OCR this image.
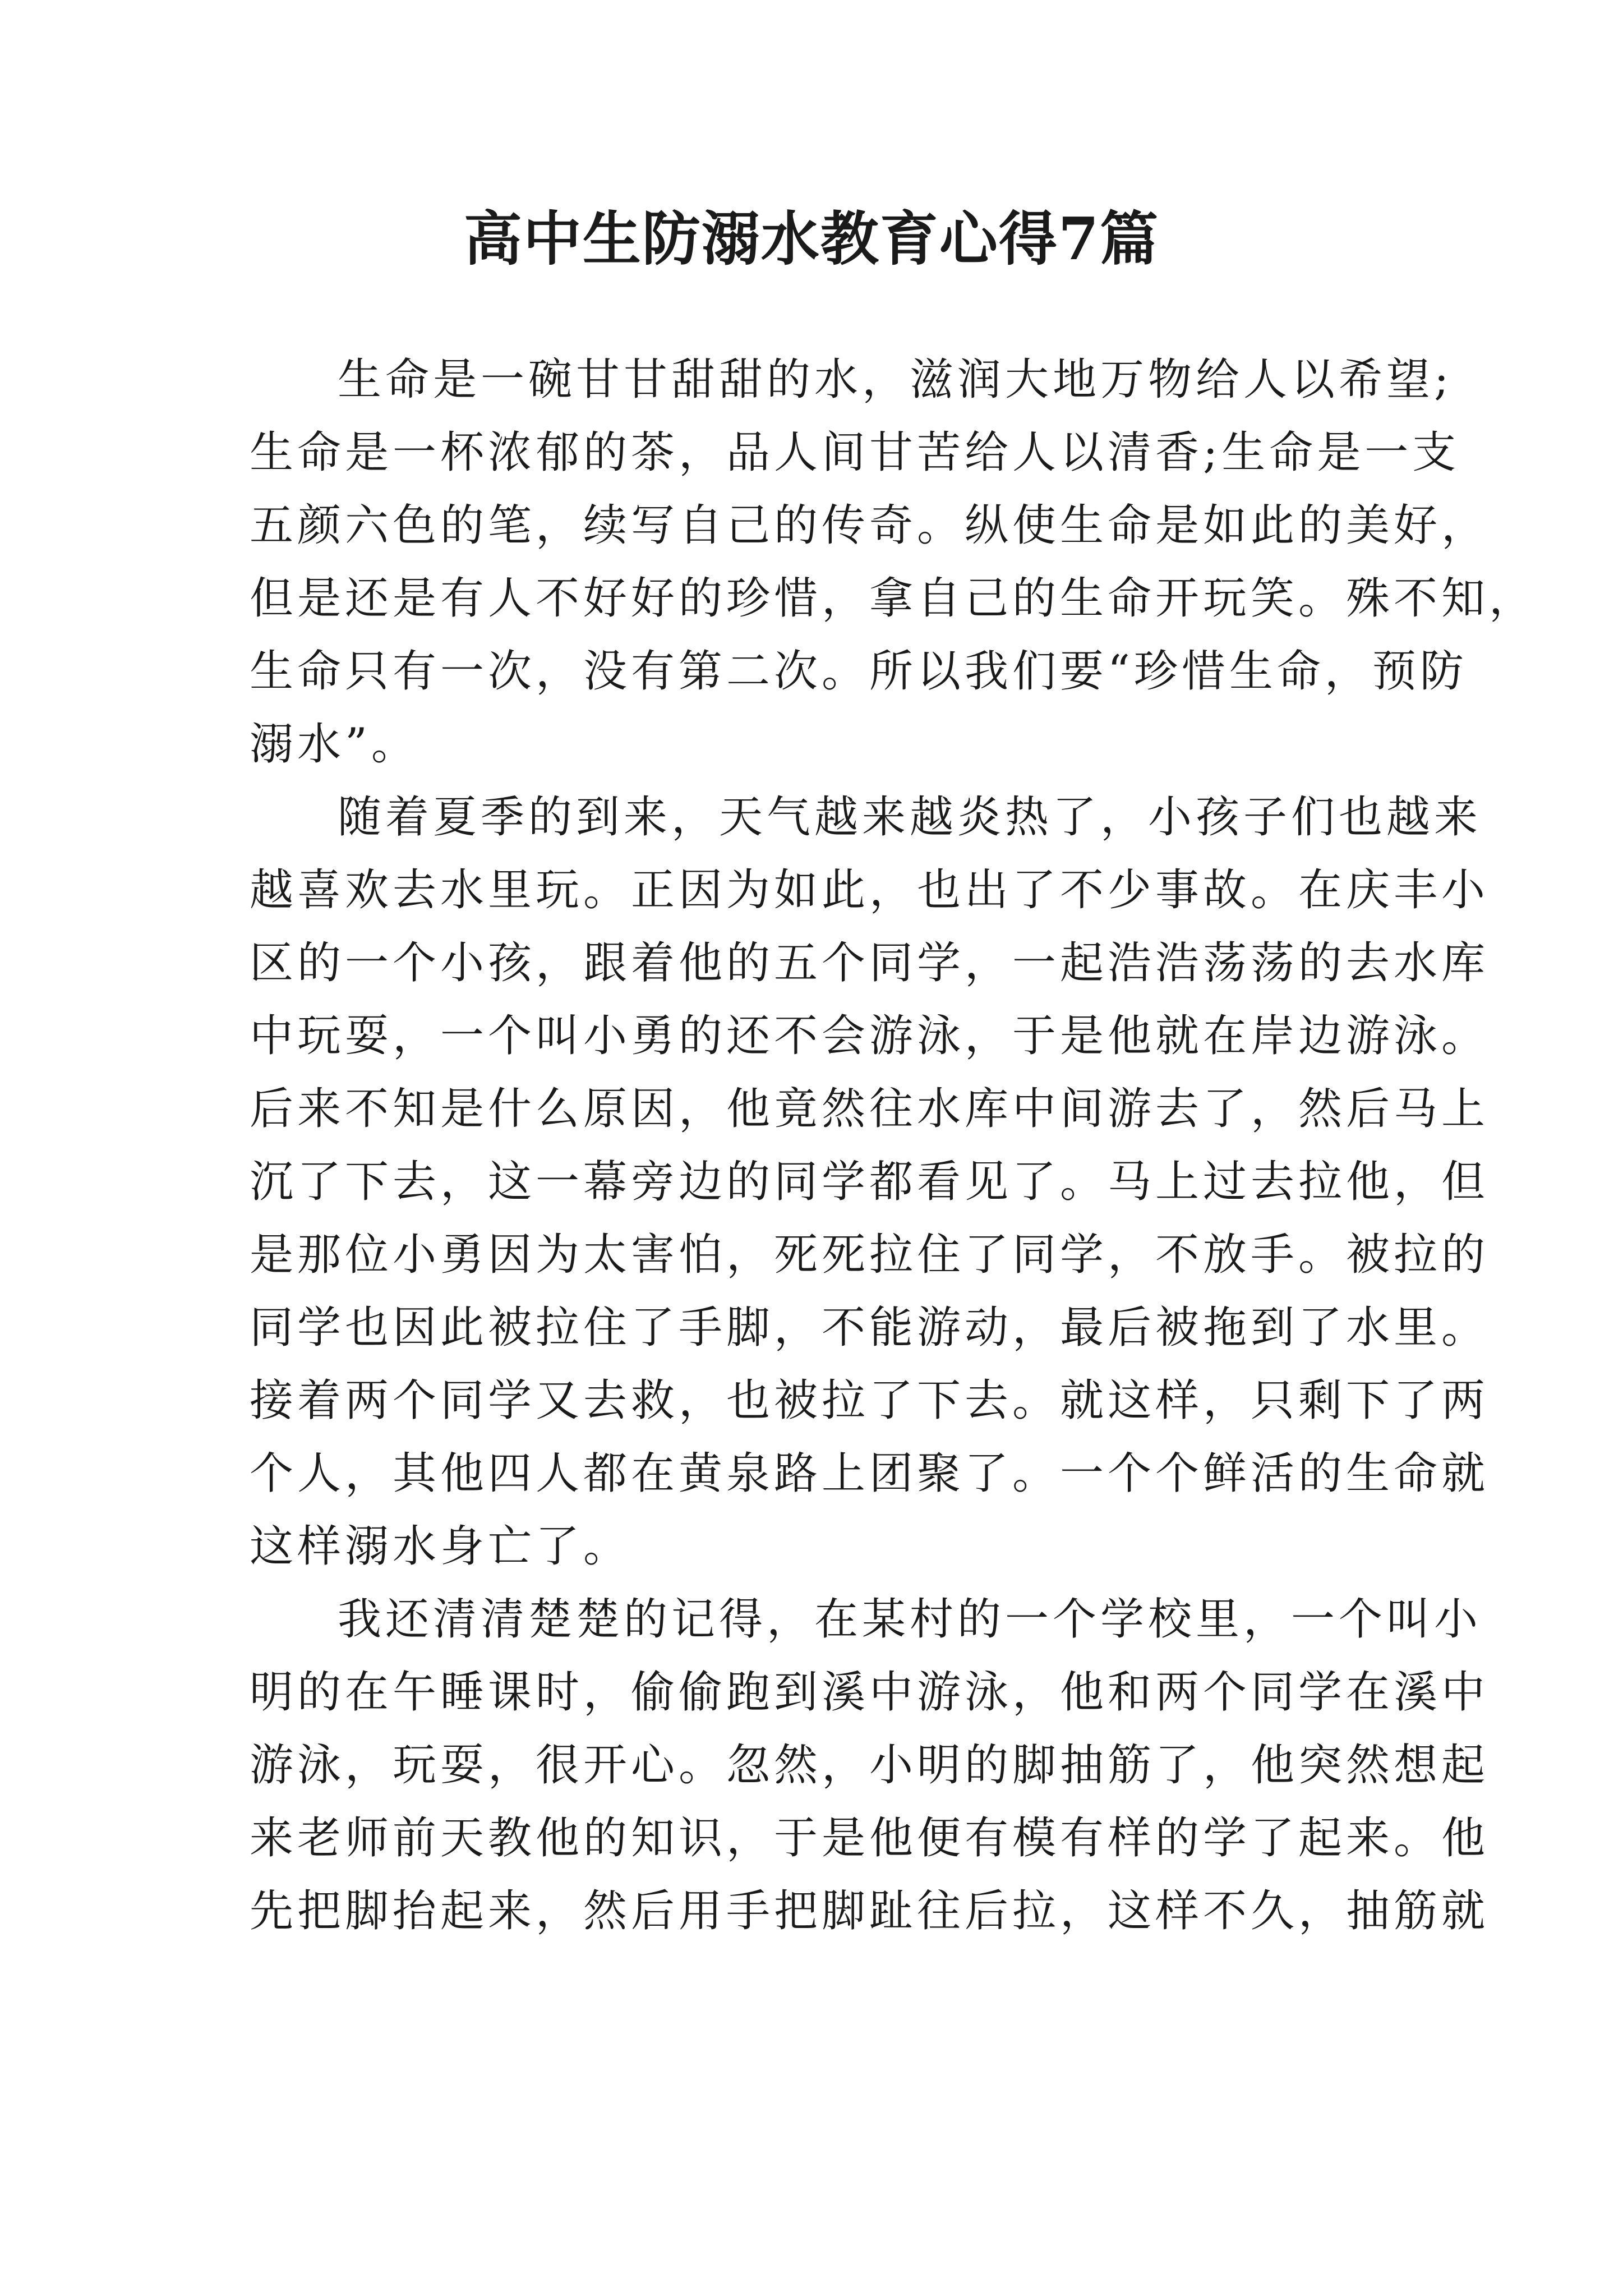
高中生防溺水教育心得7篇
生命是一碗甘甘甜甜的水，滋润大地万物给人以希望;
生命是一杯浓郁的茶，品人间甘苦给人以清香;生命是一支
五颜六色的笔，续写自己的传奇。纵使生命是如此的美好，
但是还是有人不好好的珍惜，拿自己的生命开玩笑。殊不知，
生命只有一次，没有第二次。所以我们要“珍惜生命，预防
溺水”。
随着夏季的到来，天气越来越炎热了，小孩子们也越来
越喜欢去水里玩。正因为如此，也出了不少事故。在庆丰小
区的一个小孩，跟着他的五个同学，一起浩浩荡荡的去水库
中玩耍，一个叫小勇的还不会游泳，于是他就在岸边游泳。
后来不知是什么原因，他竟然往水库中间游去了，然后马上
沉了下去，这一幕旁边的同学都看见了。马上过去拉他，但
是那位小勇因为太害怕，死死拉住了同学，不放手。被拉的
同学也因此被拉住了手脚，不能游动，最后被拖到了水里。
接着两个同学又去救，也被拉了下去。就这样，只剩下了两
个人，其他四人都在黄泉路上团聚了。一个个鲜活的生命就
这样溺水身亡了。
我还清清楚楚的记得，在某村的一个学校里，一个叫小
明的在午睡课时，偷偷跑到溪中游泳，他和两个同学在溪中
游泳，玩耍，很开心。忽然，小明的脚抽筋了，他突然想起
来老师前天教他的知识，于是他便有模有样的学了起来。他
先把脚抬起来，然后用手把脚趾往后拉，这样不久，抽筋就
